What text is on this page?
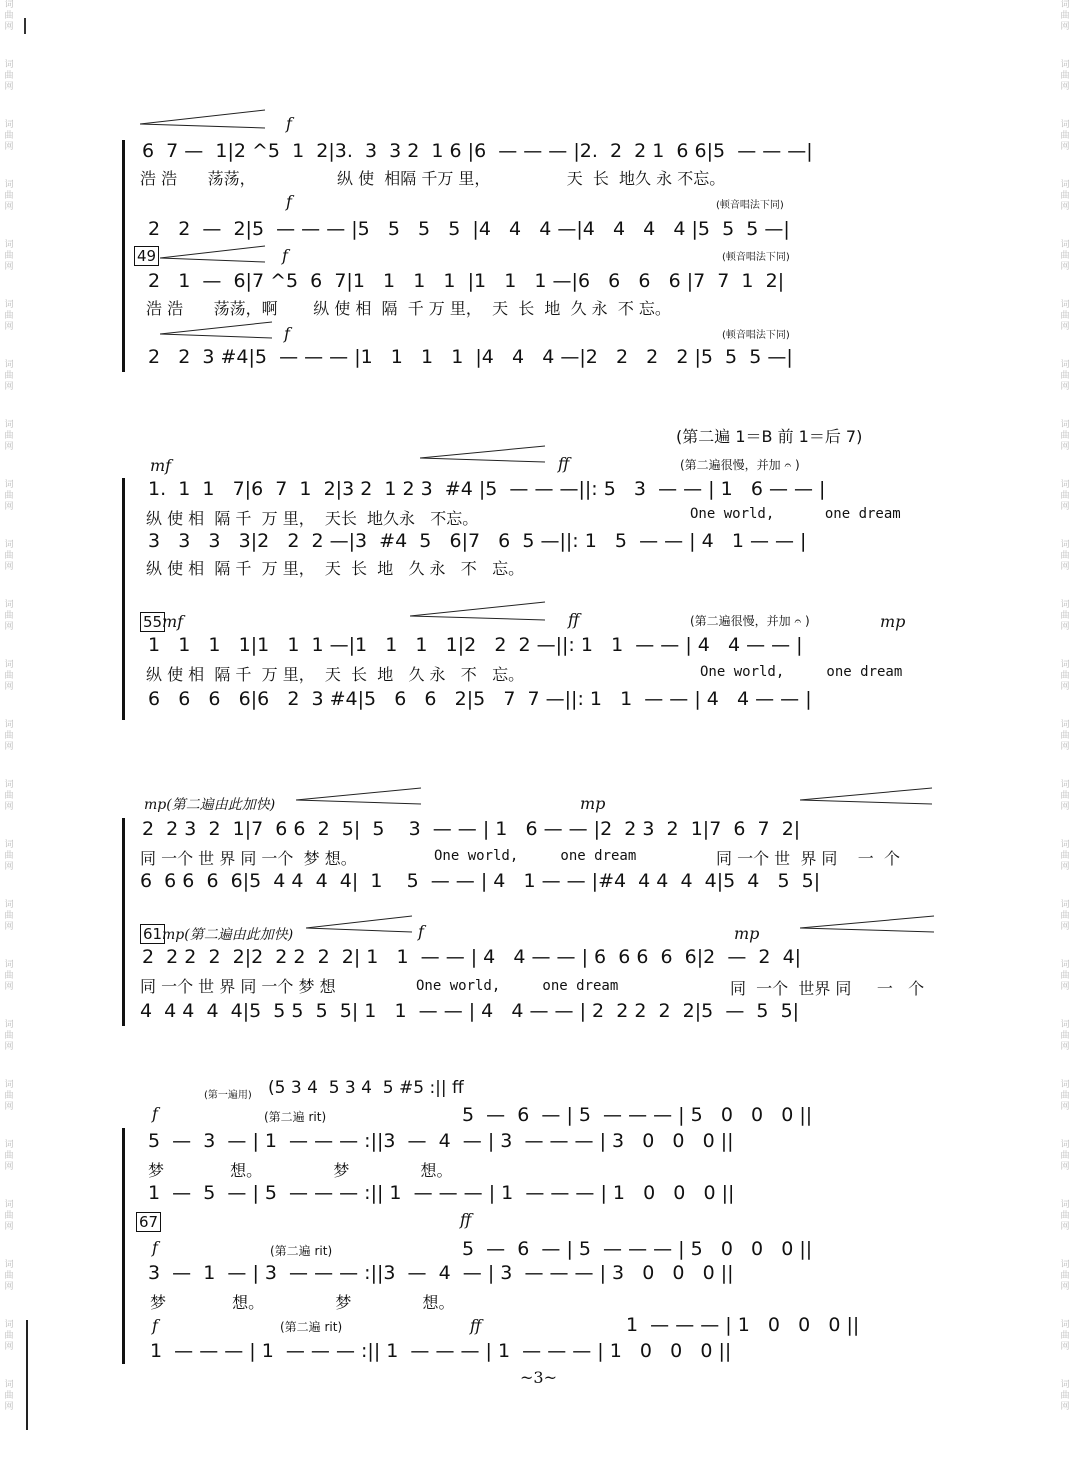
词
曲
网
词
曲
网
词
曲
网
词
曲
网
词
曲
网
词
曲
网
词
曲
网
词
曲
网
词
曲
网
词
曲
网
词
曲
网
词
曲
网
词
曲
网
词
曲
网
词
曲
网
词
曲
网
词
曲
网
词
曲
网
词
曲
网
词
曲
网
词
曲
网
词
曲
网
词
曲
网
词
曲
网
词
曲
网
词
曲
网
词
曲
网
词
曲
网
词
曲
网
词
曲
网
词
曲
网
词
曲
网
词
曲
网
词
曲
网
词
曲
网
词
曲
网
词
曲
网
词
曲
网
词
曲
网
词
曲
网
词
曲
网
词
曲
网
词
曲
网
词
曲
网
词
曲
网
词
曲
网
词
曲
网
词
曲
网
f
6  7 —  1|2 ^5  1  2|3.  3  3 2  1 6 |6  — — — |2.  2  2 1  6 6|5  — — —|
浩 浩      荡荡，                纵 使  相隔 千万 里，               天  长  地久 永 不忘。
f	(顿音唱法下同)
2   2  —  2|5  — — — |5   5   5   5  |4   4   4 —|4   4   4   4 |5  5  5 —|
49	f	(顿音唱法下同)
2   1  —  6|7 ^5  6  7|1   1   1   1  |1   1   1 —|6   6   6   6 |7  7  1  2|
浩 浩      荡荡，啊       纵 使 相  隔  千 万 里，  天  长  地  久 永  不 忘。
f	(顿音唱法下同)
2   2  3 #4|5  — — — |1   1   1   1  |4   4   4 —|2   2   2   2 |5  5  5 —|
(第二遍 1＝B 前 1＝后 7)
mf	ff	(第二遍很慢，并加 𝄐 )
1.  1  1   7|6  7  1  2|3 2  1 2 3  #4 |5  — — —||: 5   3  — — | 1   6 — — |
纵 使 相  隔 千  万 里，  天长  地久永   不忘。	One world,      one dream
3   3   3   3|2   2  2 —|3  #4  5   6|7   6  5 —||: 1   5  — — | 4   1 — — |
纵 使 相  隔 千  万 里，  天  长  地   久 永   不   忘。
55 mf	ff	(第二遍很慢，并加 𝄐 )	mp
1   1   1   1|1   1  1 —|1   1   1   1|2   2  2 —||: 1   1  — — | 4   4 — — |
纵 使 相  隔 千  万 里，  天  长  地   久 永   不   忘。	One world,     one dream
6   6   6   6|6   2  3 #4|5   6   6   2|5   7  7 —||: 1   1  — — | 4   4 — — |
mp(第二遍由此加快)	mp
2  2 3  2  1|7  6 6  2  5|  5    3  — — | 1   6 — — |2  2 3  2  1|7  6  7  2|
同 一个 世 界 同 一个  梦 想。	One world,     one dream	同 一个 世  界 同    一  个
6  6 6  6  6|5  4 4  4  4|  1    5  — — | 4   1 — — |#4  4 4  4  4|5  4   5  5|
61 mp(第二遍由此加快)	f	mp
2  2 2  2  2|2  2 2  2  2| 1   1  — — | 4   4 — — | 6  6 6  6  6|2  —  2  4|
同 一个 世 界 同 一个 梦 想	One world,     one dream	同  一个  世界 同     一   个
4  4 4  4  4|5  5 5  5  5| 1   1  — — | 4   4 — — | 2  2 2  2  2|5  —  5  5|
(第一遍用) (5 3 4  5 3 4  5 #5 :|| ff
f	(第二遍 rit)	5  —  6  — | 5  — — — | 5   0   0   0 ||
5  —  3  — | 1  — — — :||3  —  4  — | 3  — — — | 3   0   0   0 ||
梦             想。              梦              想。
1  —  5  — | 5  — — — :|| 1  — — — | 1  — — — | 1   0   0   0 ||
67	ff
f	(第二遍 rit)	5  —  6  — | 5  — — — | 5   0   0   0 ||
3  —  1  — | 3  — — — :||3  —  4  — | 3  — — — | 3   0   0   0 ||
梦             想。              梦              想。
f	(第二遍 rit)	ff	1  — — — | 1   0   0   0 ||
1  — — — | 1  — — — :|| 1  — — — | 1  — — — | 1   0   0   0 ||
~3~
